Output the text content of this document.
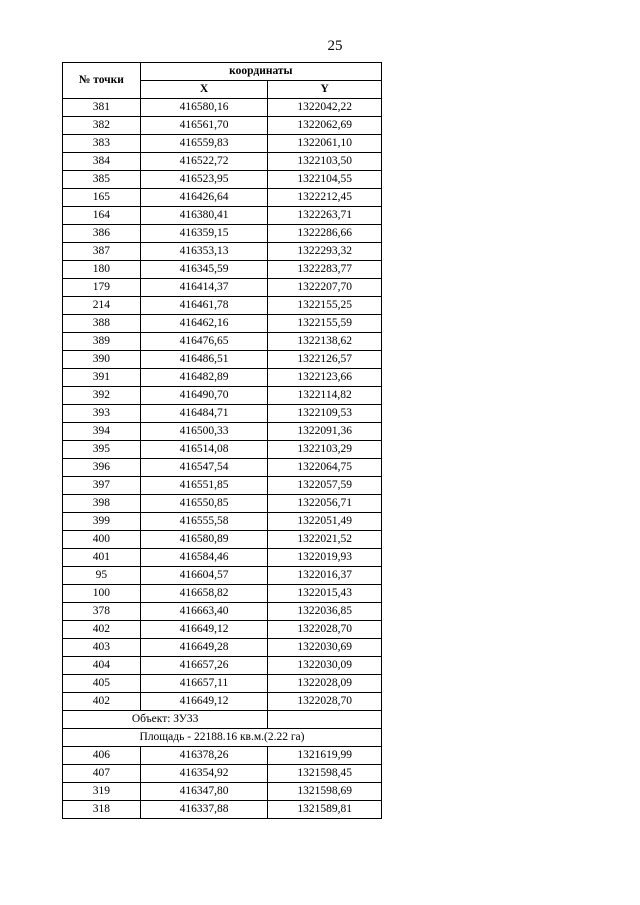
25
№ точки	координаты	
	X	Y
381	416580,16	1322042,22
382	416561,70	1322062,69
383	416559,83	1322061,10
384	416522,72	1322103,50
385	416523,95	1322104,55
165	416426,64	1322212,45
164	416380,41	1322263,71
386	416359,15	1322286,66
387	416353,13	1322293,32
180	416345,59	1322283,77
179	416414,37	1322207,70
214	416461,78	1322155,25
388	416462,16	1322155,59
389	416476,65	1322138,62
390	416486,51	1322126,57
391	416482,89	1322123,66
392	416490,70	1322114,82
393	416484,71	1322109,53
394	416500,33	1322091,36
395	416514,08	1322103,29
396	416547,54	1322064,75
397	416551,85	1322057,59
398	416550,85	1322056,71
399	416555,58	1322051,49
400	416580,89	1322021,52
401	416584,46	1322019,93
95	416604,57	1322016,37
100	416658,82	1322015,43
378	416663,40	1322036,85
402	416649,12	1322028,70
403	416649,28	1322030,69
404	416657,26	1322030,09
405	416657,11	1322028,09
402	416649,12	1322028,70
Объект: ЗУ33		
Площадь - 22188.16 кв.м.(2.22 га)		
406	416378,26	1321619,99
407	416354,92	1321598,45
319	416347,80	1321598,69
318	416337,88	1321589,81
